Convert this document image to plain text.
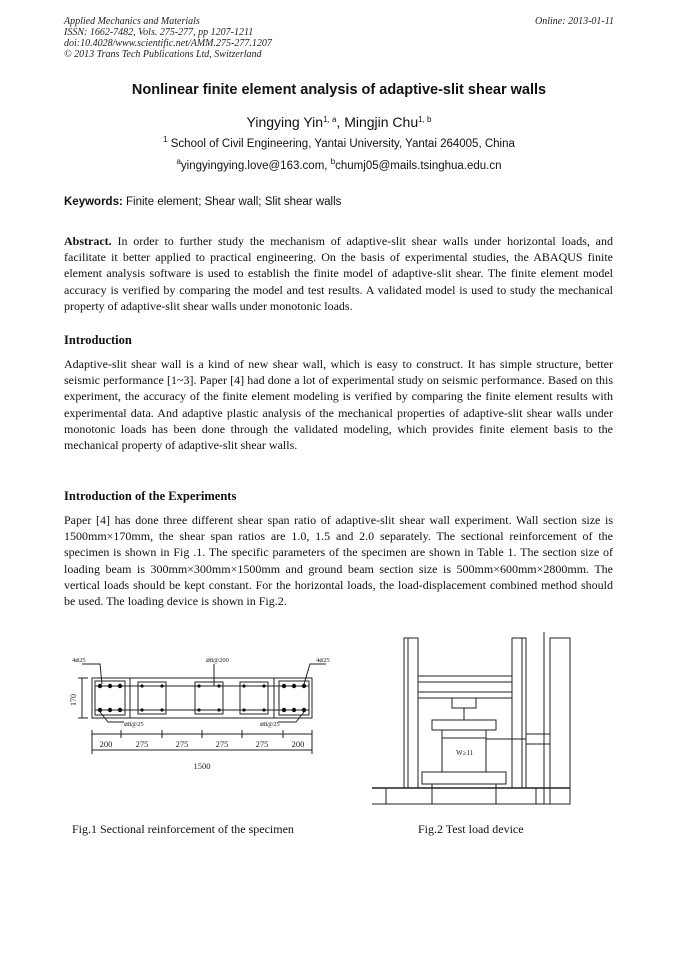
Applied Mechanics and Materials
ISSN: 1662-7482, Vols. 275-277, pp 1207-1211
doi:10.4028/www.scientific.net/AMM.275-277.1207
© 2013 Trans Tech Publications Ltd, Switzerland
Online: 2013-01-11
Nonlinear finite element analysis of adaptive-slit shear walls
Yingying Yin$^{1, a}$, Mingjin Chu$^{1, b}$
$^1$ School of Civil Engineering, Yantai University, Yantai 264005, China
$^a$yingyingying.love@163.com, $^b$chumj05@mails.tsinghua.edu.cn
Keywords: Finite element; Shear wall; Slit shear walls

Abstract. In order to further study the mechanism of adaptive-slit shear walls under horizontal loads, and facilitate it better applied to practical engineering. On the basis of experimental studies, the ABAQUS finite element analysis software is used to establish the finite model of adaptive-slit shear. The finite element model accuracy is verified by comparing the model and test results. A validated model is used to study the mechanical property of adaptive-slit shear walls under monotonic loads.

Introduction

Adaptive-slit shear wall is a kind of new shear wall, which is easy to construct. It has simple structure, better seismic performance [1~3]. Paper [4] had done a lot of experimental study on seismic performance. Based on this experiment, the accuracy of the finite element modeling is verified by comparing the finite element results with experimental data. And adaptive plastic analysis of the mechanical properties of adaptive-slit shear walls under monotonic loads has been done through the validated modeling, which provides finite element basis to the mechanical property of adaptive-slit shear walls.

Introduction of the Experiments

Paper [4] has done three different shear span ratio of adaptive-slit shear wall experiment. Wall section size is 1500mm×170mm, the shear span ratios are 1.0, 1.5 and 2.0 separately. The sectional reinforcement of the specimen is shown in Fig .1. The specific parameters of the specimen are shown in Table 1. The section size of loading beam is 300mm×300mm×1500mm and ground beam section size is 500mm×600mm×2800mm. The vertical loads should be kept constant. For the horizontal loads, the load-displacement combined method should be used. The loading device is shown in Fig.2.

4⌀25	4⌀25
⌀8@200
⌀8@25	⌀8@25
170
200	275	275	275	275	200
1500
Fig.1 Sectional reinforcement of the specimen
W≥11
Fig.2 Test load device
